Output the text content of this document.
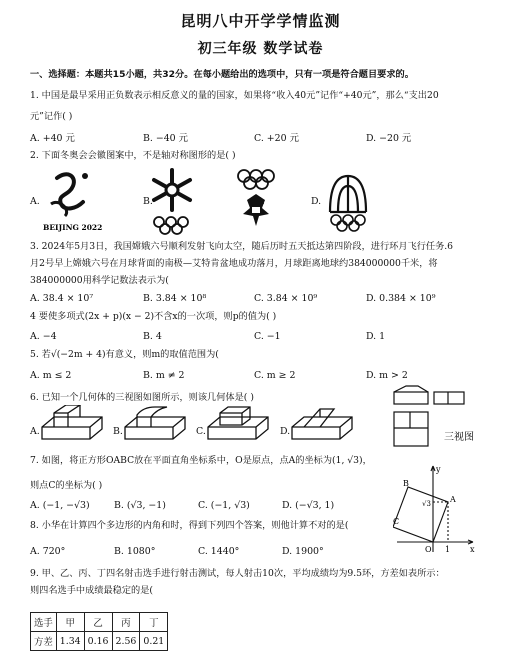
昆明八中开学学情监测
初三年级 数学试卷
一、选择题：本题共15小题，共32分。在每小题给出的选项中，只有一项是符合题目要求的。
1. 中国是最早采用正负数表示相反意义的量的国家，如果将“收入40元”记作“+40元”，那么“支出20
元”记作( )
A. +40 元	B. −40 元	C. +20 元	D. −20 元
2. 下面冬奥会会徽图案中，不是轴对称图形的是( )
A.	B.	D.
BEIJING 2022
3. 2024年5月3日，我国嫦娥六号顺利发射飞向太空，随后历时五天抵达第四阶段，进行环月飞行任务.6
月2号早上嫦娥六号在月球背面的南极—艾特肯盆地成功落月，月球距离地球约384000000千米，将
384000000用科学记数法表示为(
A. 38.4 × 10⁷	B. 3.84 × 10⁸	C. 3.84 × 10⁹	D. 0.384 × 10⁹
4 要使多项式(2x + p)(x − 2)不含x的一次项，则p的值为( )
A. −4	B. 4	C. −1	D. 1
5. 若√(−2m + 4)有意义，则m的取值范围为(
A. m ≤ 2	B. m ≠ 2	C. m ≥ 2	D. m > 2
6. 已知一个几何体的三视图如图所示，则该几何体是( )
A.	B.	C.	D.
三视图
7. 如图，将正方形OABC放在平面直角坐标系中，O是原点，点A的坐标为(1, √3)，
则点C的坐标为( )
A. (−1, −√3)	B. (√3, −1)	C. (−1, √3)	D. (−√3, 1)
y
x
A
B
C
O 1
√3
8. 小华在计算四个多边形的内角和时，得到下列四个答案，则他计算不对的是(
A. 720°	B. 1080°	C. 1440°	D. 1900°
9. 甲、乙、丙、丁四名射击选手进行射击测试，每人射击10次，平均成绩均为9.5环，方差如表所示：
则四名选手中成绩最稳定的是(
选手	甲	乙	丙	丁
方差	1.34	0.16	2.56	0.21
